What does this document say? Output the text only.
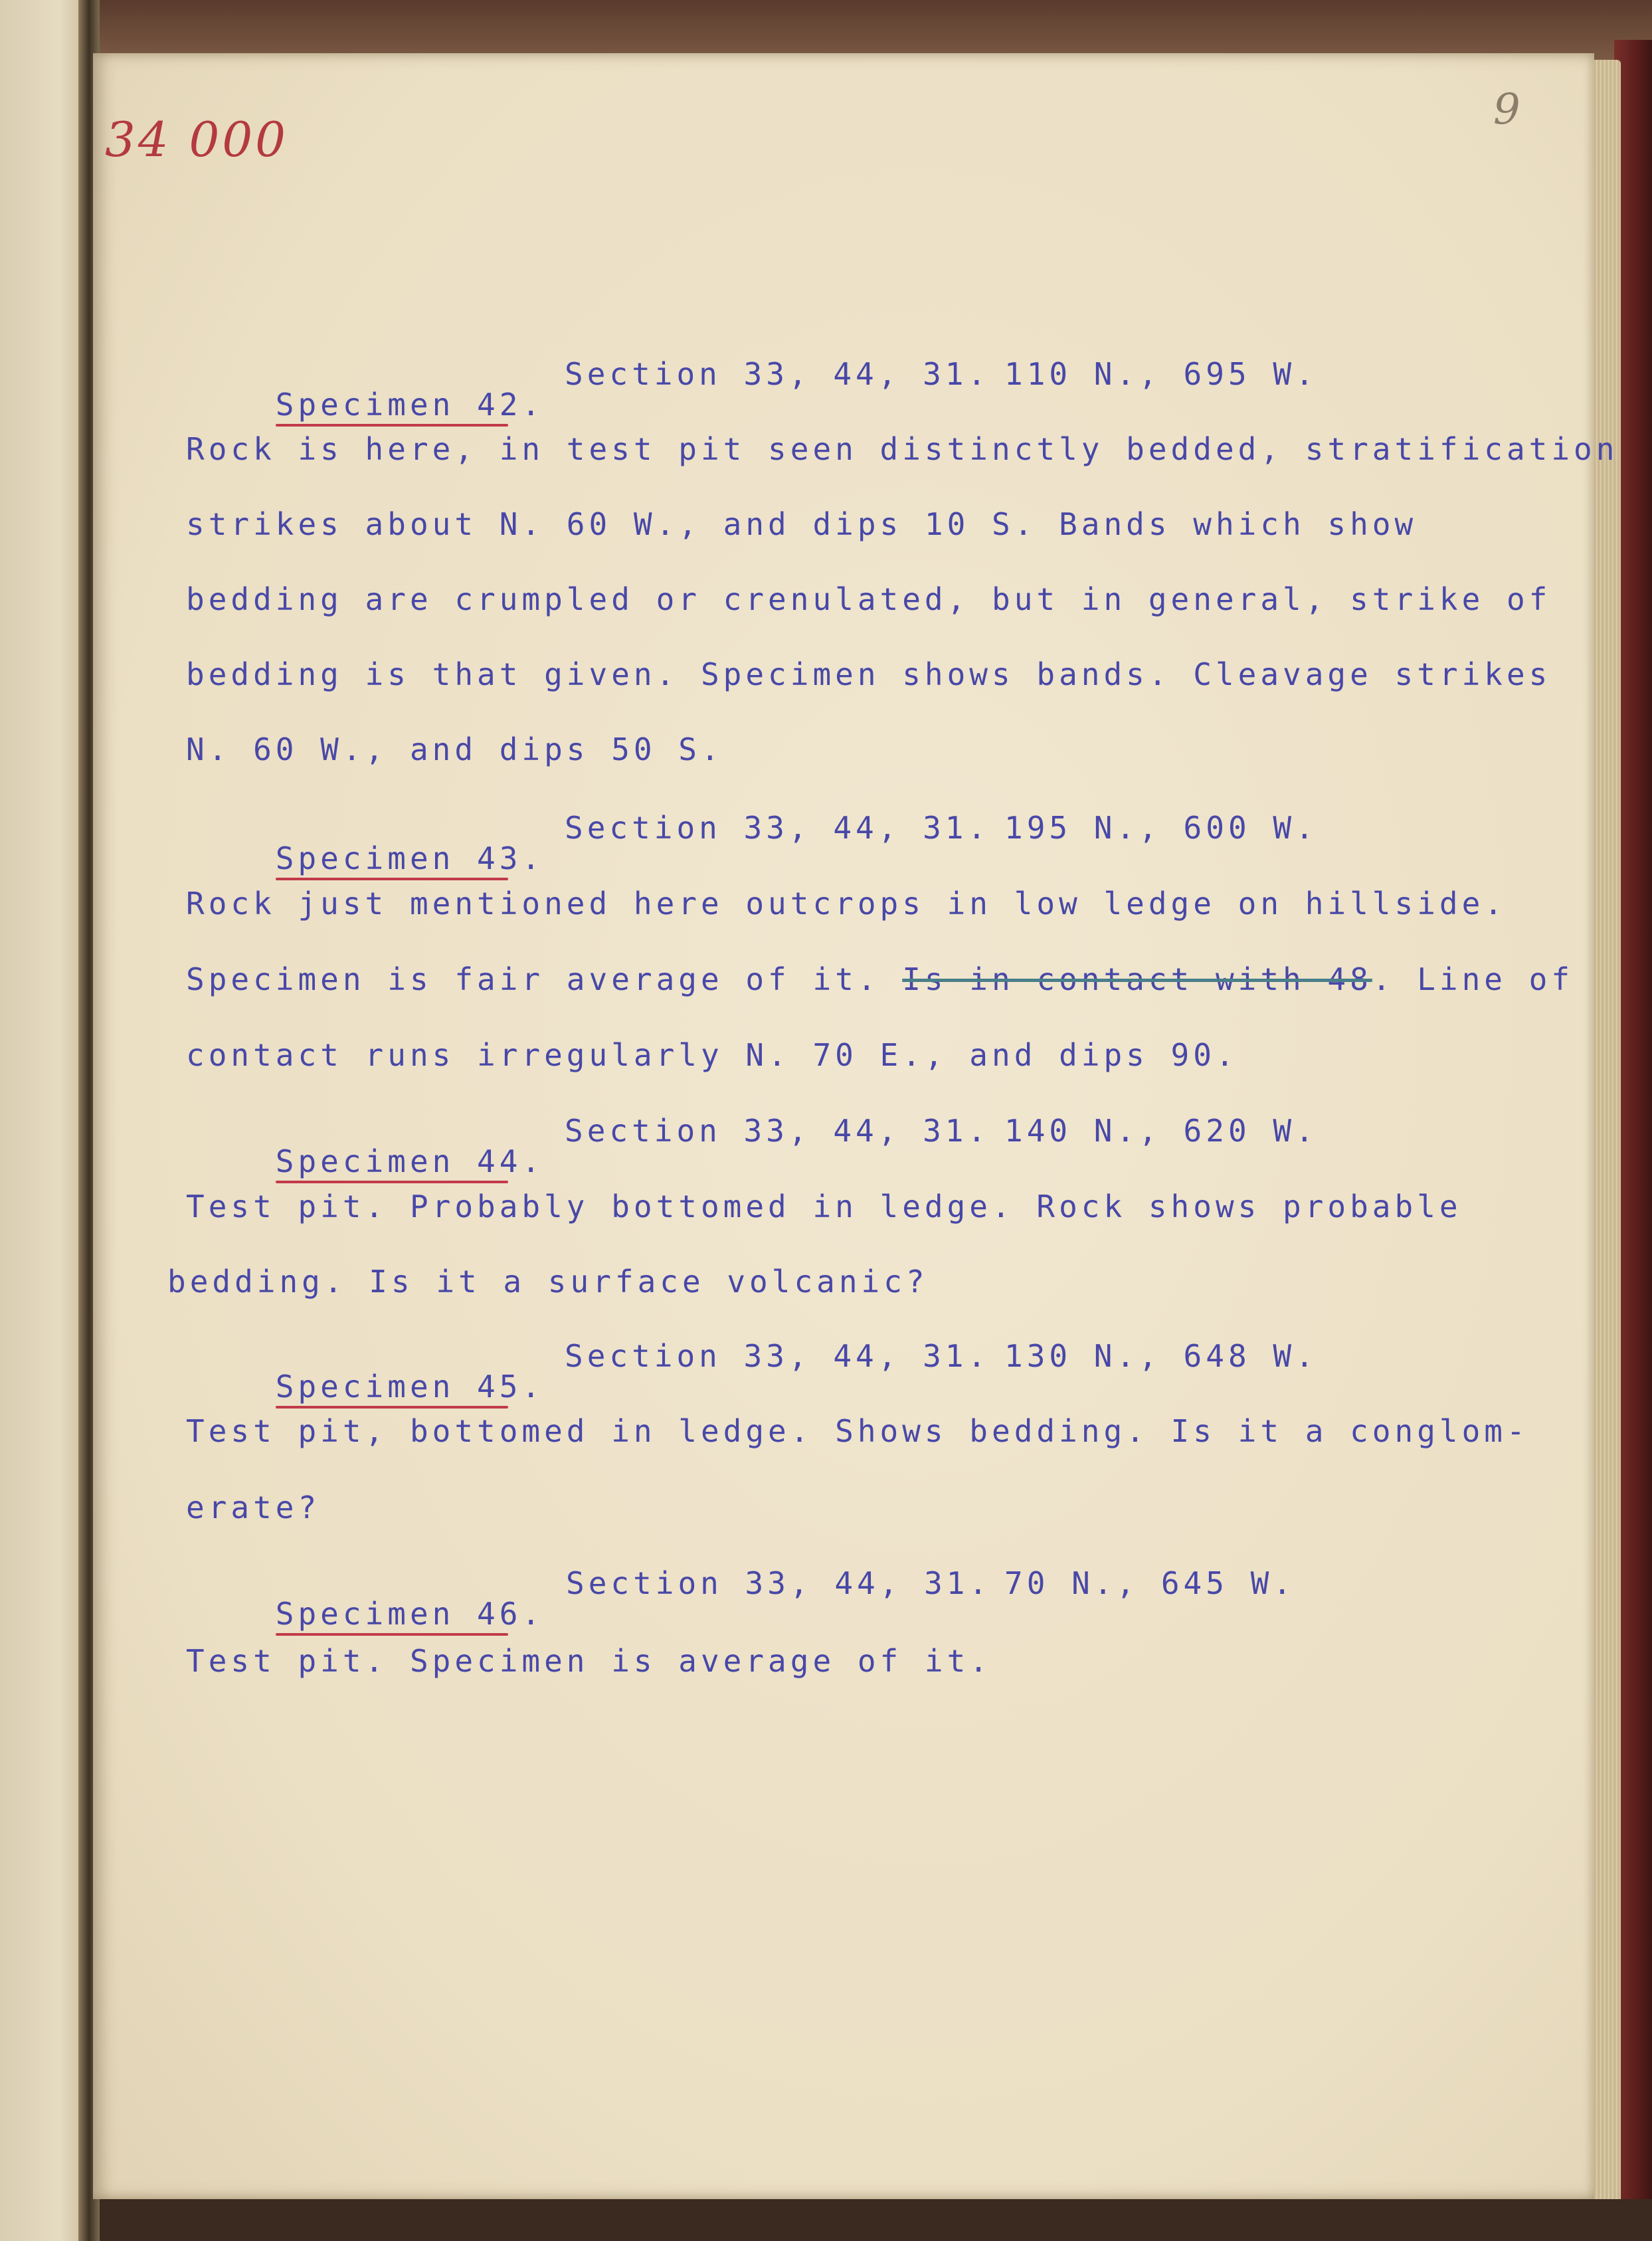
34 000
9

Specimen 42.

Section 33, 44, 31.

110 N., 695 W.

Rock is here, in test pit seen distinctly bedded, stratification

strikes about N. 60 W., and dips 10 S. Bands which show

bedding are crumpled or crenulated, but in general, strike of

bedding is that given. Specimen shows bands. Cleavage strikes

N. 60 W., and dips 50 S.

Specimen 43.

Section 33, 44, 31.

195 N., 600 W.

Rock just mentioned here outcrops in low ledge on hillside.

Specimen is fair average of it. Is in contact with 48. Line of

contact runs irregularly N. 70 E., and dips 90.

Specimen 44.

Section 33, 44, 31.

140 N., 620 W.

Test pit. Probably bottomed in ledge. Rock shows probable

bedding. Is it a surface volcanic?

Specimen 45.

Section 33, 44, 31.

130 N., 648 W.

Test pit, bottomed in ledge. Shows bedding. Is it a conglom-

erate?

Specimen 46.

Section 33, 44, 31.

70 N., 645 W.

Test pit. Specimen is average of it.
